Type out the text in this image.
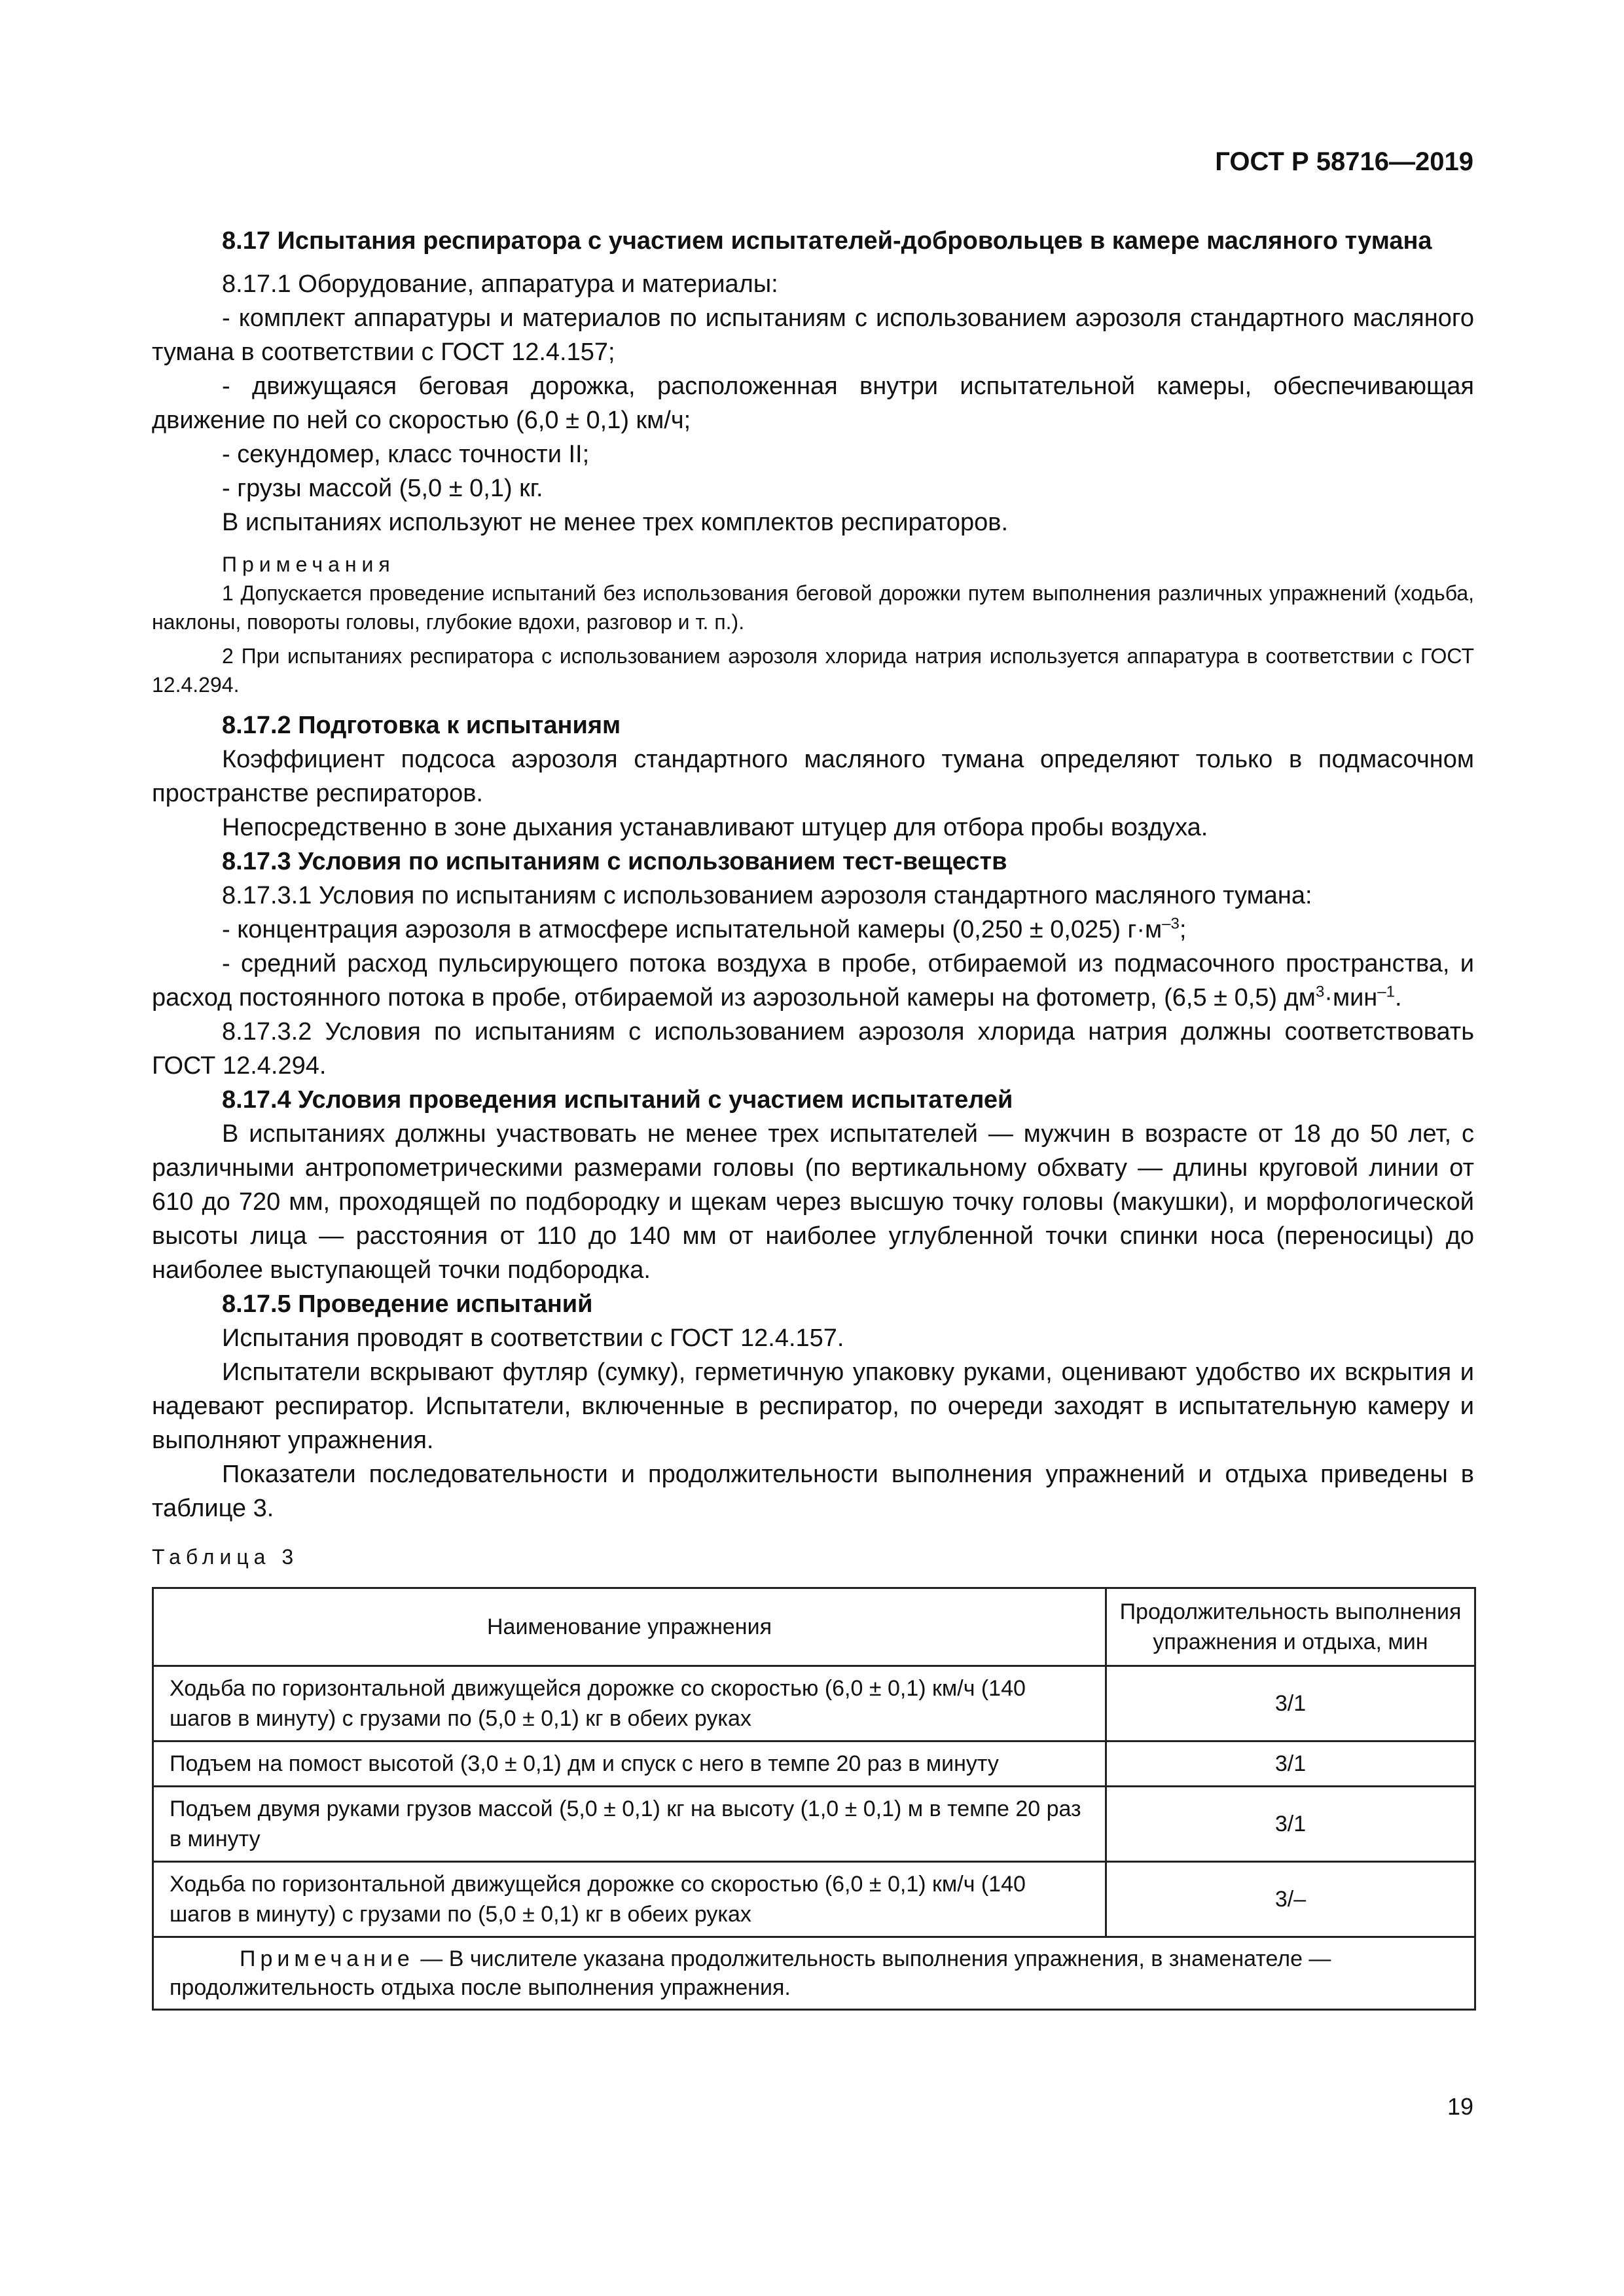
ГОСТ Р 58716—2019

8.17 Испытания респиратора с участием испытателей-добровольцев в камере масляного тумана

8.17.1 Оборудование, аппаратура и материалы:

- комплект аппаратуры и материалов по испытаниям с использованием аэрозоля стандартного масляного тумана в соответствии с ГОСТ 12.4.157;

- движущаяся беговая дорожка, расположенная внутри испытательной камеры, обеспечивающая движение по ней со скоростью (6,0 ± 0,1) км/ч;

- секундомер, класс точности II;

- грузы массой (5,0 ± 0,1) кг.

В испытаниях используют не менее трех комплектов респираторов.

Примечания

1 Допускается проведение испытаний без использования беговой дорожки путем выполнения различных упражнений (ходьба, наклоны, повороты головы, глубокие вдохи, разговор и т. п.).

2 При испытаниях респиратора с использованием аэрозоля хлорида натрия используется аппаратура в соответствии с ГОСТ 12.4.294.

8.17.2 Подготовка к испытаниям

Коэффициент подсоса аэрозоля стандартного масляного тумана определяют только в подмасочном пространстве респираторов.

Непосредственно в зоне дыхания устанавливают штуцер для отбора пробы воздуха.

8.17.3 Условия по испытаниям с использованием тест-веществ

8.17.3.1 Условия по испытаниям с использованием аэрозоля стандартного масляного тумана:

- концентрация аэрозоля в атмосфере испытательной камеры (0,250 ± 0,025) $г\cdot м^{-3}$;

- средний расход пульсирующего потока воздуха в пробе, отбираемой из подмасочного пространства, и расход постоянного потока в пробе, отбираемой из аэрозольной камеры на фотометр, (6,5 ± 0,5) $дм^3\cdot мин^{-1}$.

8.17.3.2 Условия по испытаниям с использованием аэрозоля хлорида натрия должны соответствовать ГОСТ 12.4.294.

8.17.4 Условия проведения испытаний с участием испытателей

В испытаниях должны участвовать не менее трех испытателей — мужчин в возрасте от 18 до 50 лет, с различными антропометрическими размерами головы (по вертикальному обхвату — длины круговой линии от 610 до 720 мм, проходящей по подбородку и щекам через высшую точку головы (макушки), и морфологической высоты лица — расстояния от 110 до 140 мм от наиболее углубленной точки спинки носа (переносицы) до наиболее выступающей точки подбородка.

8.17.5 Проведение испытаний

Испытания проводят в соответствии с ГОСТ 12.4.157.

Испытатели вскрывают футляр (сумку), герметичную упаковку руками, оценивают удобство их вскрытия и надевают респиратор. Испытатели, включенные в респиратор, по очереди заходят в испытательную камеру и выполняют упражнения.

Показатели последовательности и продолжительности выполнения упражнений и отдыха приведены в таблице 3.

Таблица 3

Наименование упражнения	Продолжительность выполнения упражнения и отдыха, мин
Ходьба по горизонтальной движущейся дорожке со скоростью (6,0 ± 0,1) км/ч (140 шагов в минуту) с грузами по (5,0 ± 0,1) кг в обеих руках	3/1
Подъем на помост высотой (3,0 ± 0,1) дм и спуск с него в темпе 20 раз в минуту	3/1
Подъем двумя руками грузов массой (5,0 ± 0,1) кг на высоту (1,0 ± 0,1) м в темпе 20 раз в минуту	3/1
Ходьба по горизонтальной движущейся дорожке со скоростью (6,0 ± 0,1) км/ч (140 шагов в минуту) с грузами по (5,0 ± 0,1) кг в обеих руках	3/–
Примечание — В числителе указана продолжительность выполнения упражнения, в знаменателе — продолжительность отдыха после выполнения упражнения.	
19
